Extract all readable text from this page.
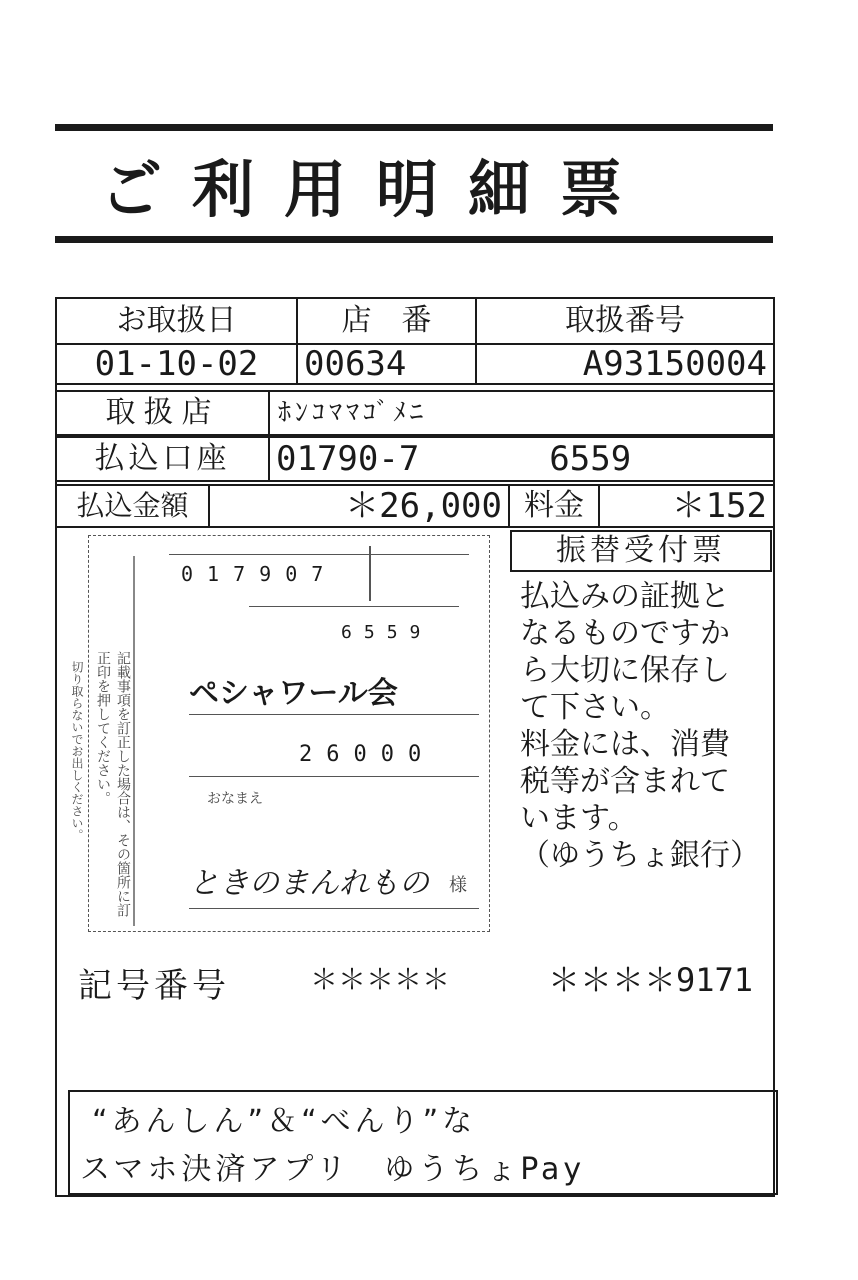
ご利用明細票
お取扱日	店　番	取扱番号
01-10-02	00634	A93150004
取扱店	ﾎﾝｺﾏﾏｺﾞﾒﾆ
払込口座	01790-7	6559
払込金額	＊26,000 料金	＊152
振替受付票
払込みの証拠と
なるものですか
ら大切に保存し
て下さい。
料金には、消費
税等が含まれて
います。
（ゆうちょ銀行）
切り取らないでお出しください。	記載事項を訂正した場合は、その箇所に訂正印を押してください。
017907
6559
ペシャワール会
26000
おなまえ
ときのまんれもの 様
記号番号	＊＊＊＊＊	＊＊＊＊9171
“あんしん”＆“べんり”な
スマホ決済アプリ　ゆうちょPay
